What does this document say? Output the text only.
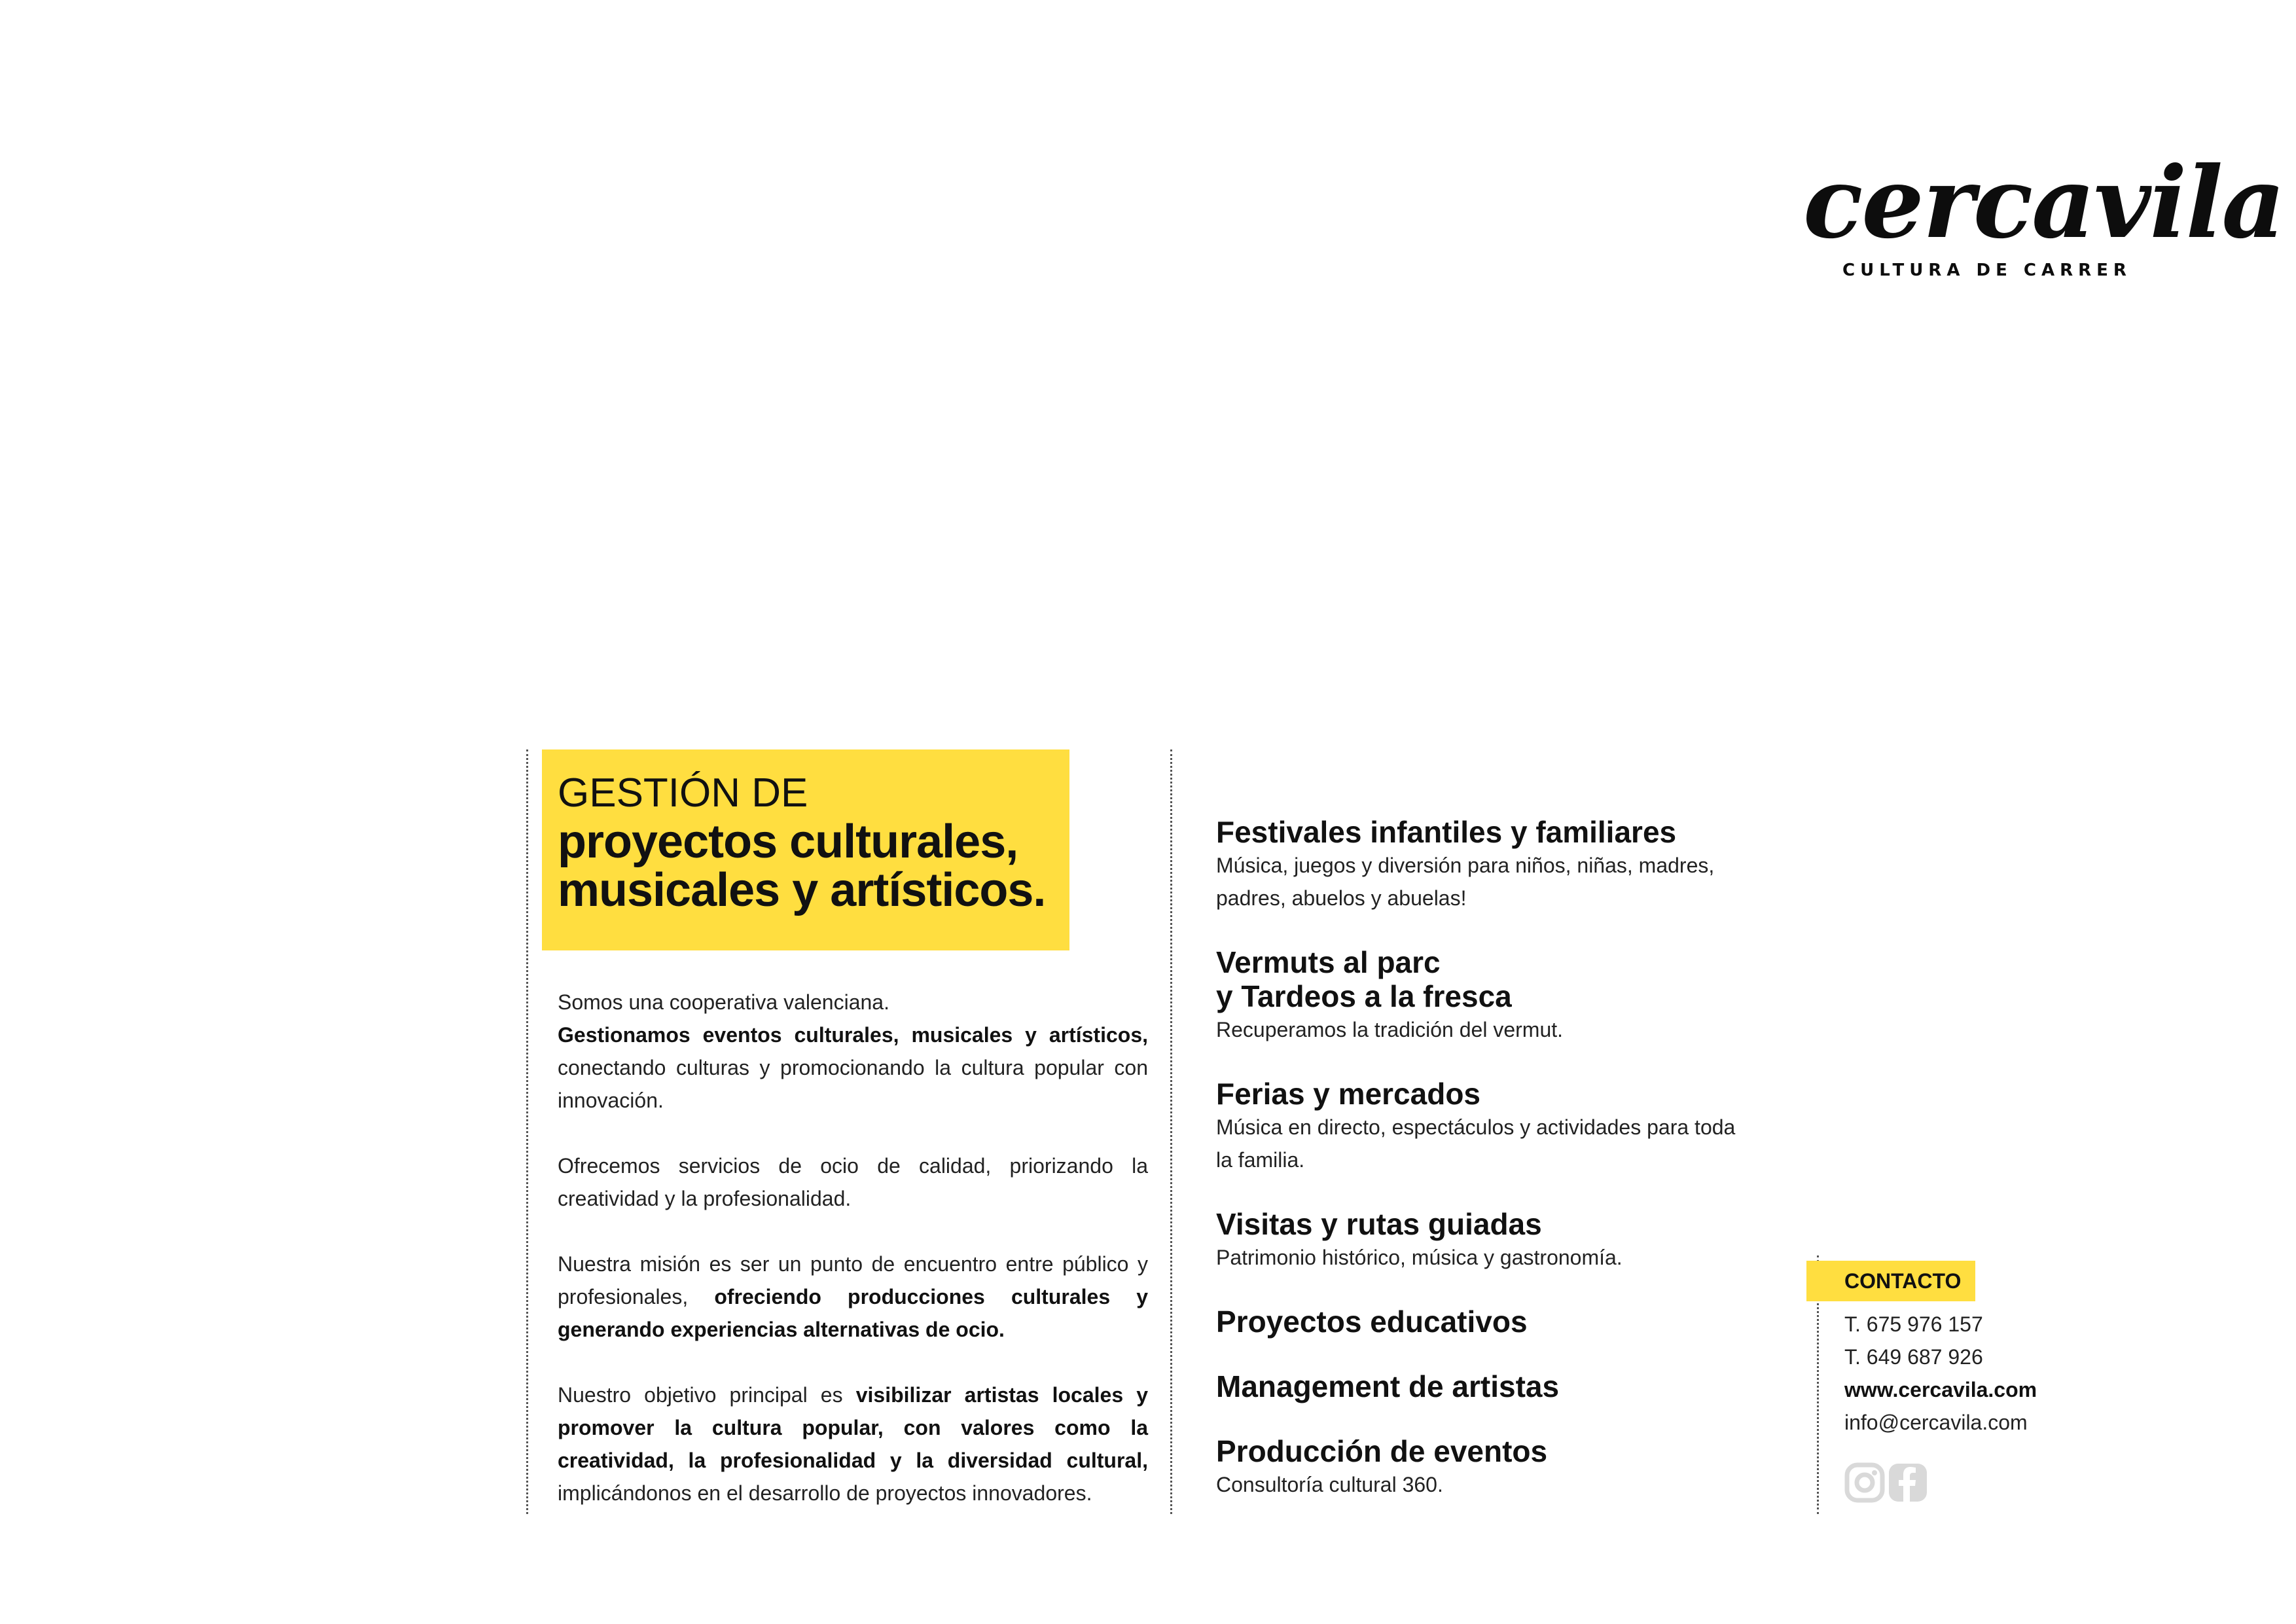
cercavila
CULTURA DE CARRER

GESTIÓN DE

proyectos culturales,

musicales y artísticos.

Somos una cooperativa valenciana.
Gestionamos eventos culturales, musicales y artísticos, conectando culturas y promocionando la cultura popular con innovación.

Ofrecemos servicios de ocio de calidad, priorizando la creatividad y la profesionalidad.

Nuestra misión es ser un punto de encuentro entre público y profesionales, ofreciendo producciones culturales y generando experiencias alternativas de ocio.

Nuestro objetivo principal es visibilizar artistas locales y promover la cultura popular, con valores como la creatividad, la profesionalidad y la diversidad cultural, implicándonos en el desarrollo de proyectos innovadores.

Festivales infantiles y familiares
Música, juegos y diversión para niños, niñas, madres, padres, abuelos y abuelas!
Vermuts al parc
y Tardeos a la fresca
Recuperamos la tradición del vermut.
Ferias y mercados
Música en directo, espectáculos y actividades para toda la familia.
Visitas y rutas guiadas
Patrimonio histórico, música y gastronomía.
Proyectos educativos
Management de artistas
Producción de eventos
Consultoría cultural 360.
CONTACTO
T. 675 976 157
T. 649 687 926
www.cercavila.com
info@cercavila.com
